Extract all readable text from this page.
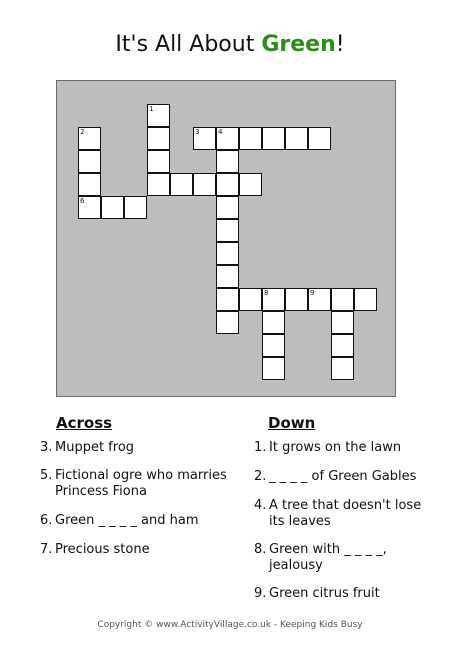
It's All About Green!
1
2
6
3	4
8	9
Across	Down
3. Muppet frog
5. Fictional ogre who marries Princess Fiona
6. Green _ _ _ _ and ham
7. Precious stone
1. It grows on the lawn
2. _ _ _ _ of Green Gables
4. A tree that doesn't lose its leaves
8. Green with _ _ _ _, jealousy
9. Green citrus fruit
Copyright © www.ActivityVillage.co.uk - Keeping Kids Busy
